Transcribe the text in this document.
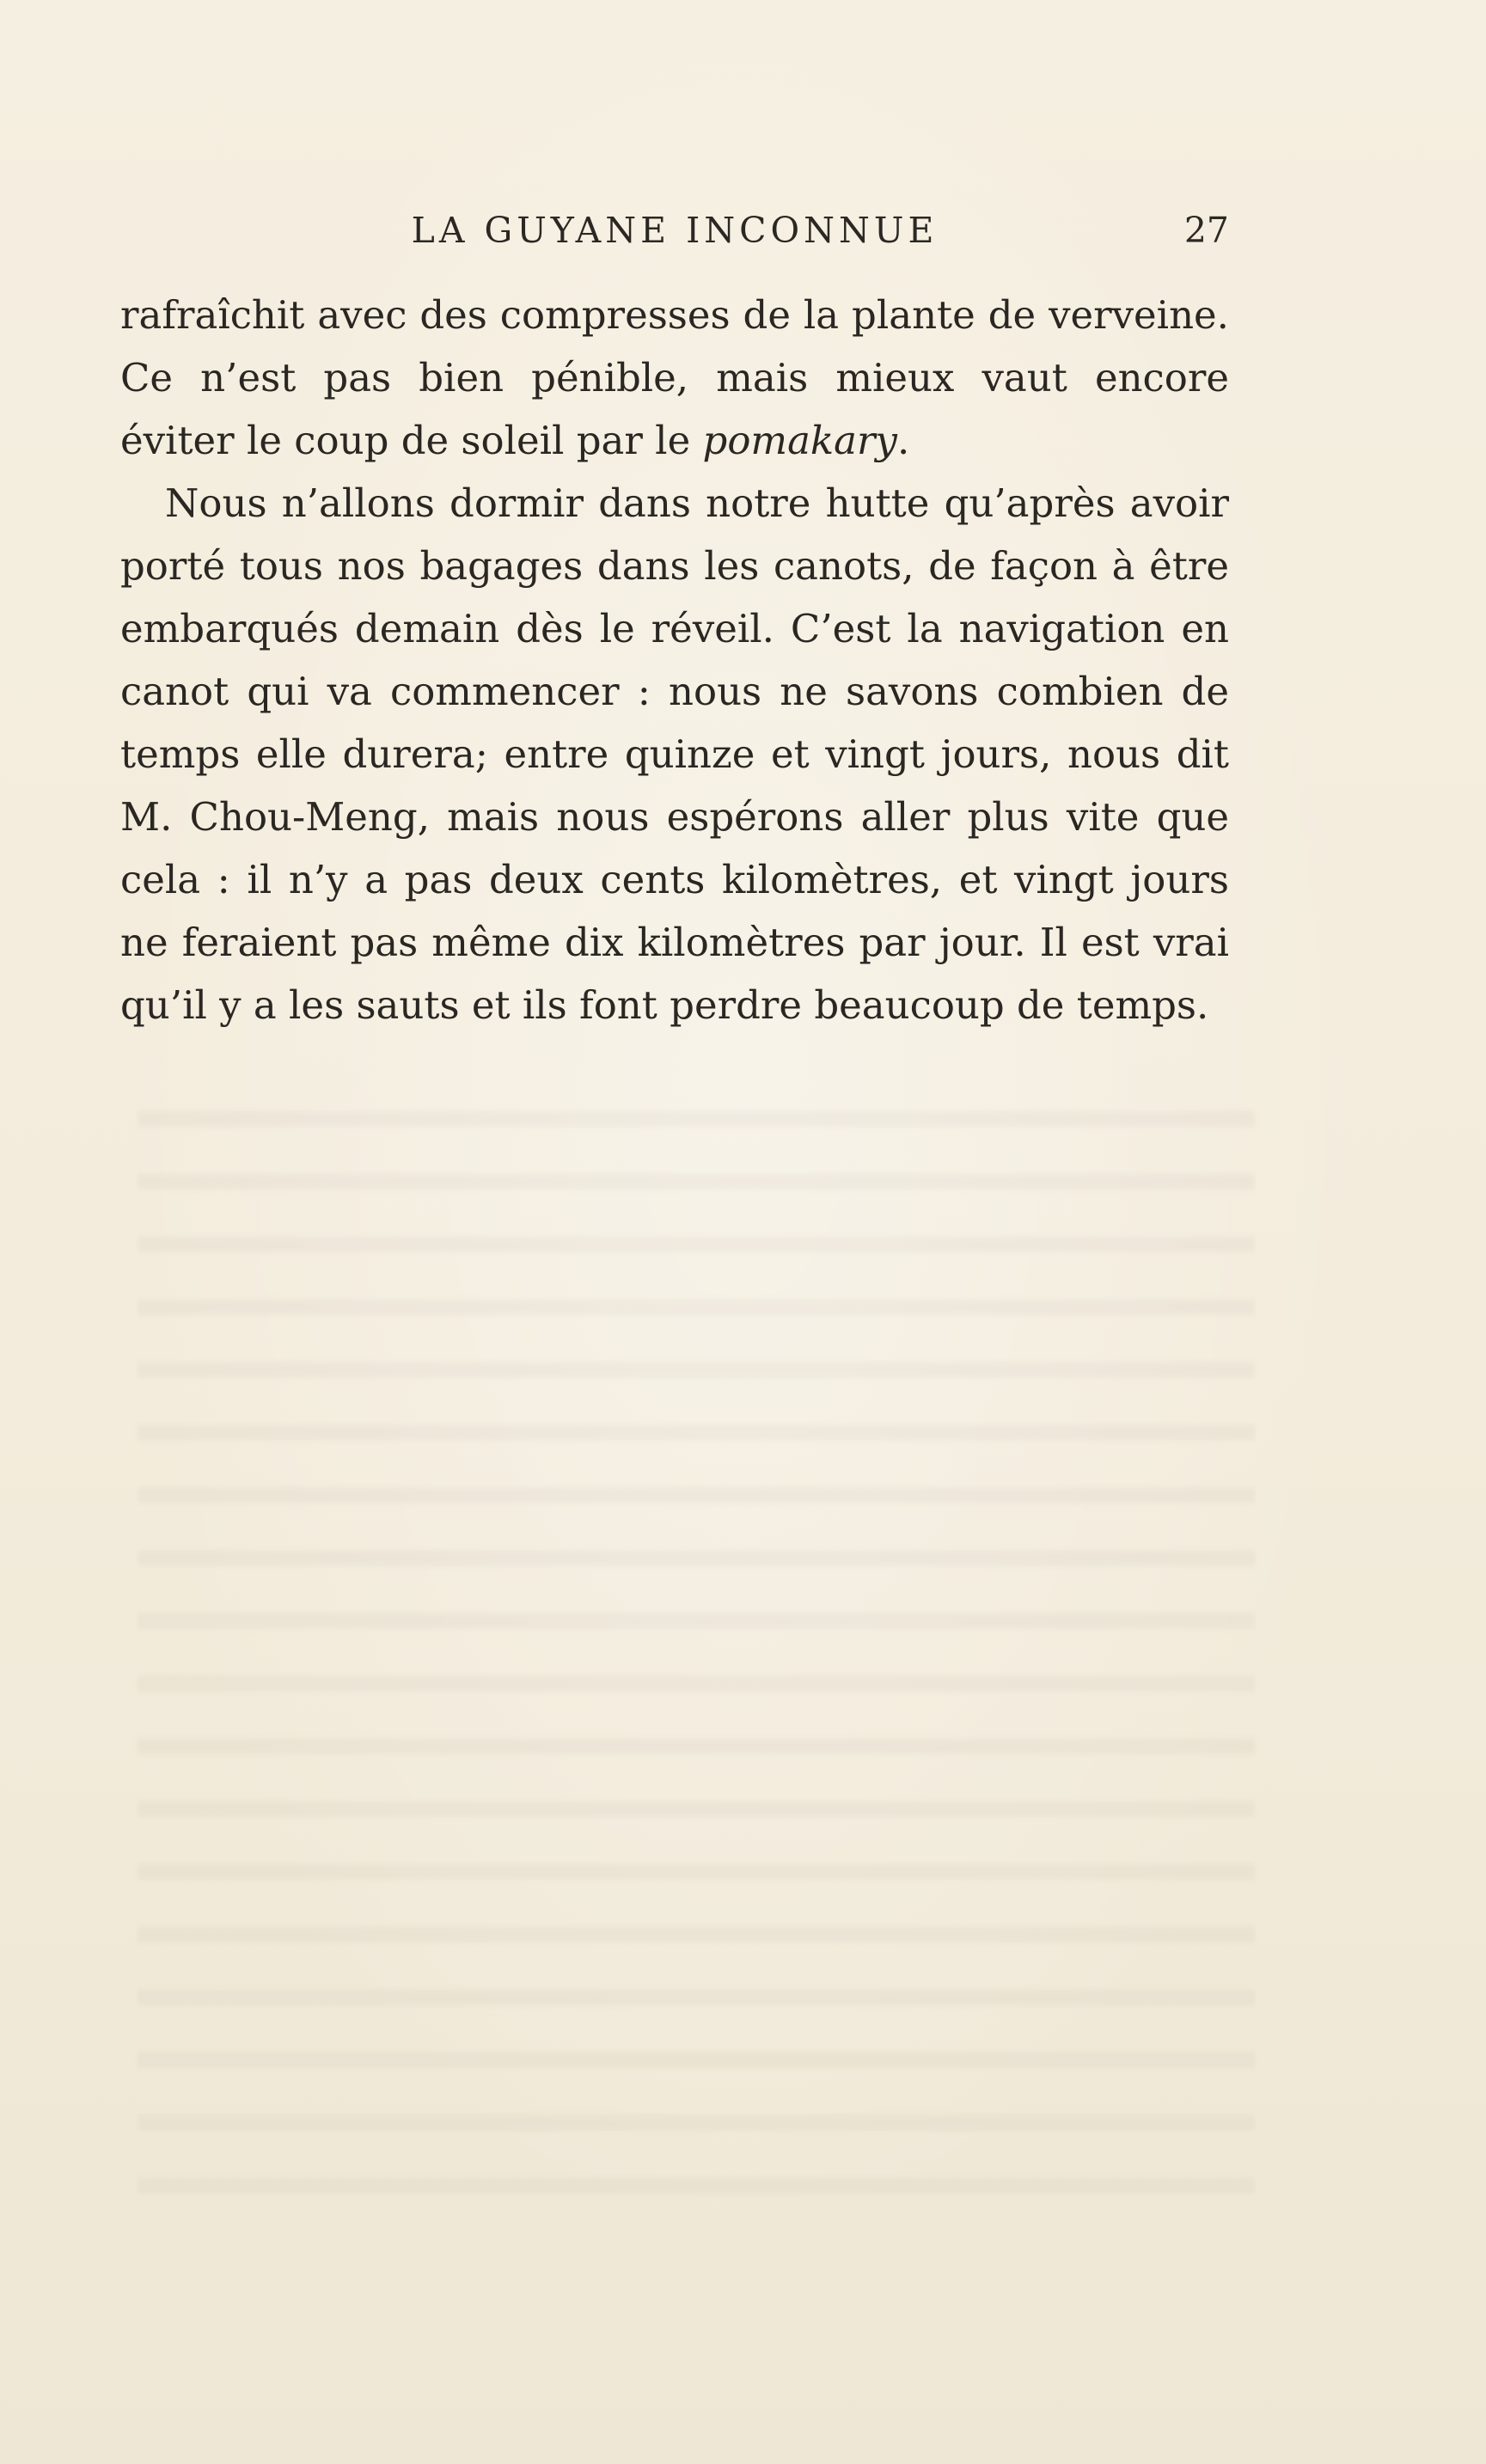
LA GUYANE INCONNUE	27

rafraîchit avec des compresses de la plante de verveine. Ce n’est pas bien pénible, mais mieux vaut encore éviter le coup de soleil par le pomakary.

Nous n’allons dormir dans notre hutte qu’après avoir porté tous nos bagages dans les canots, de façon à être embarqués demain dès le réveil. C’est la navigation en canot qui va commencer : nous ne savons combien de temps elle durera; entre quinze et vingt jours, nous dit M. Chou-Meng, mais nous espérons aller plus vite que cela : il n’y a pas deux cents kilomètres, et vingt jours ne feraient pas même dix kilomètres par jour. Il est vrai qu’il y a les sauts et ils font perdre beaucoup de temps.
